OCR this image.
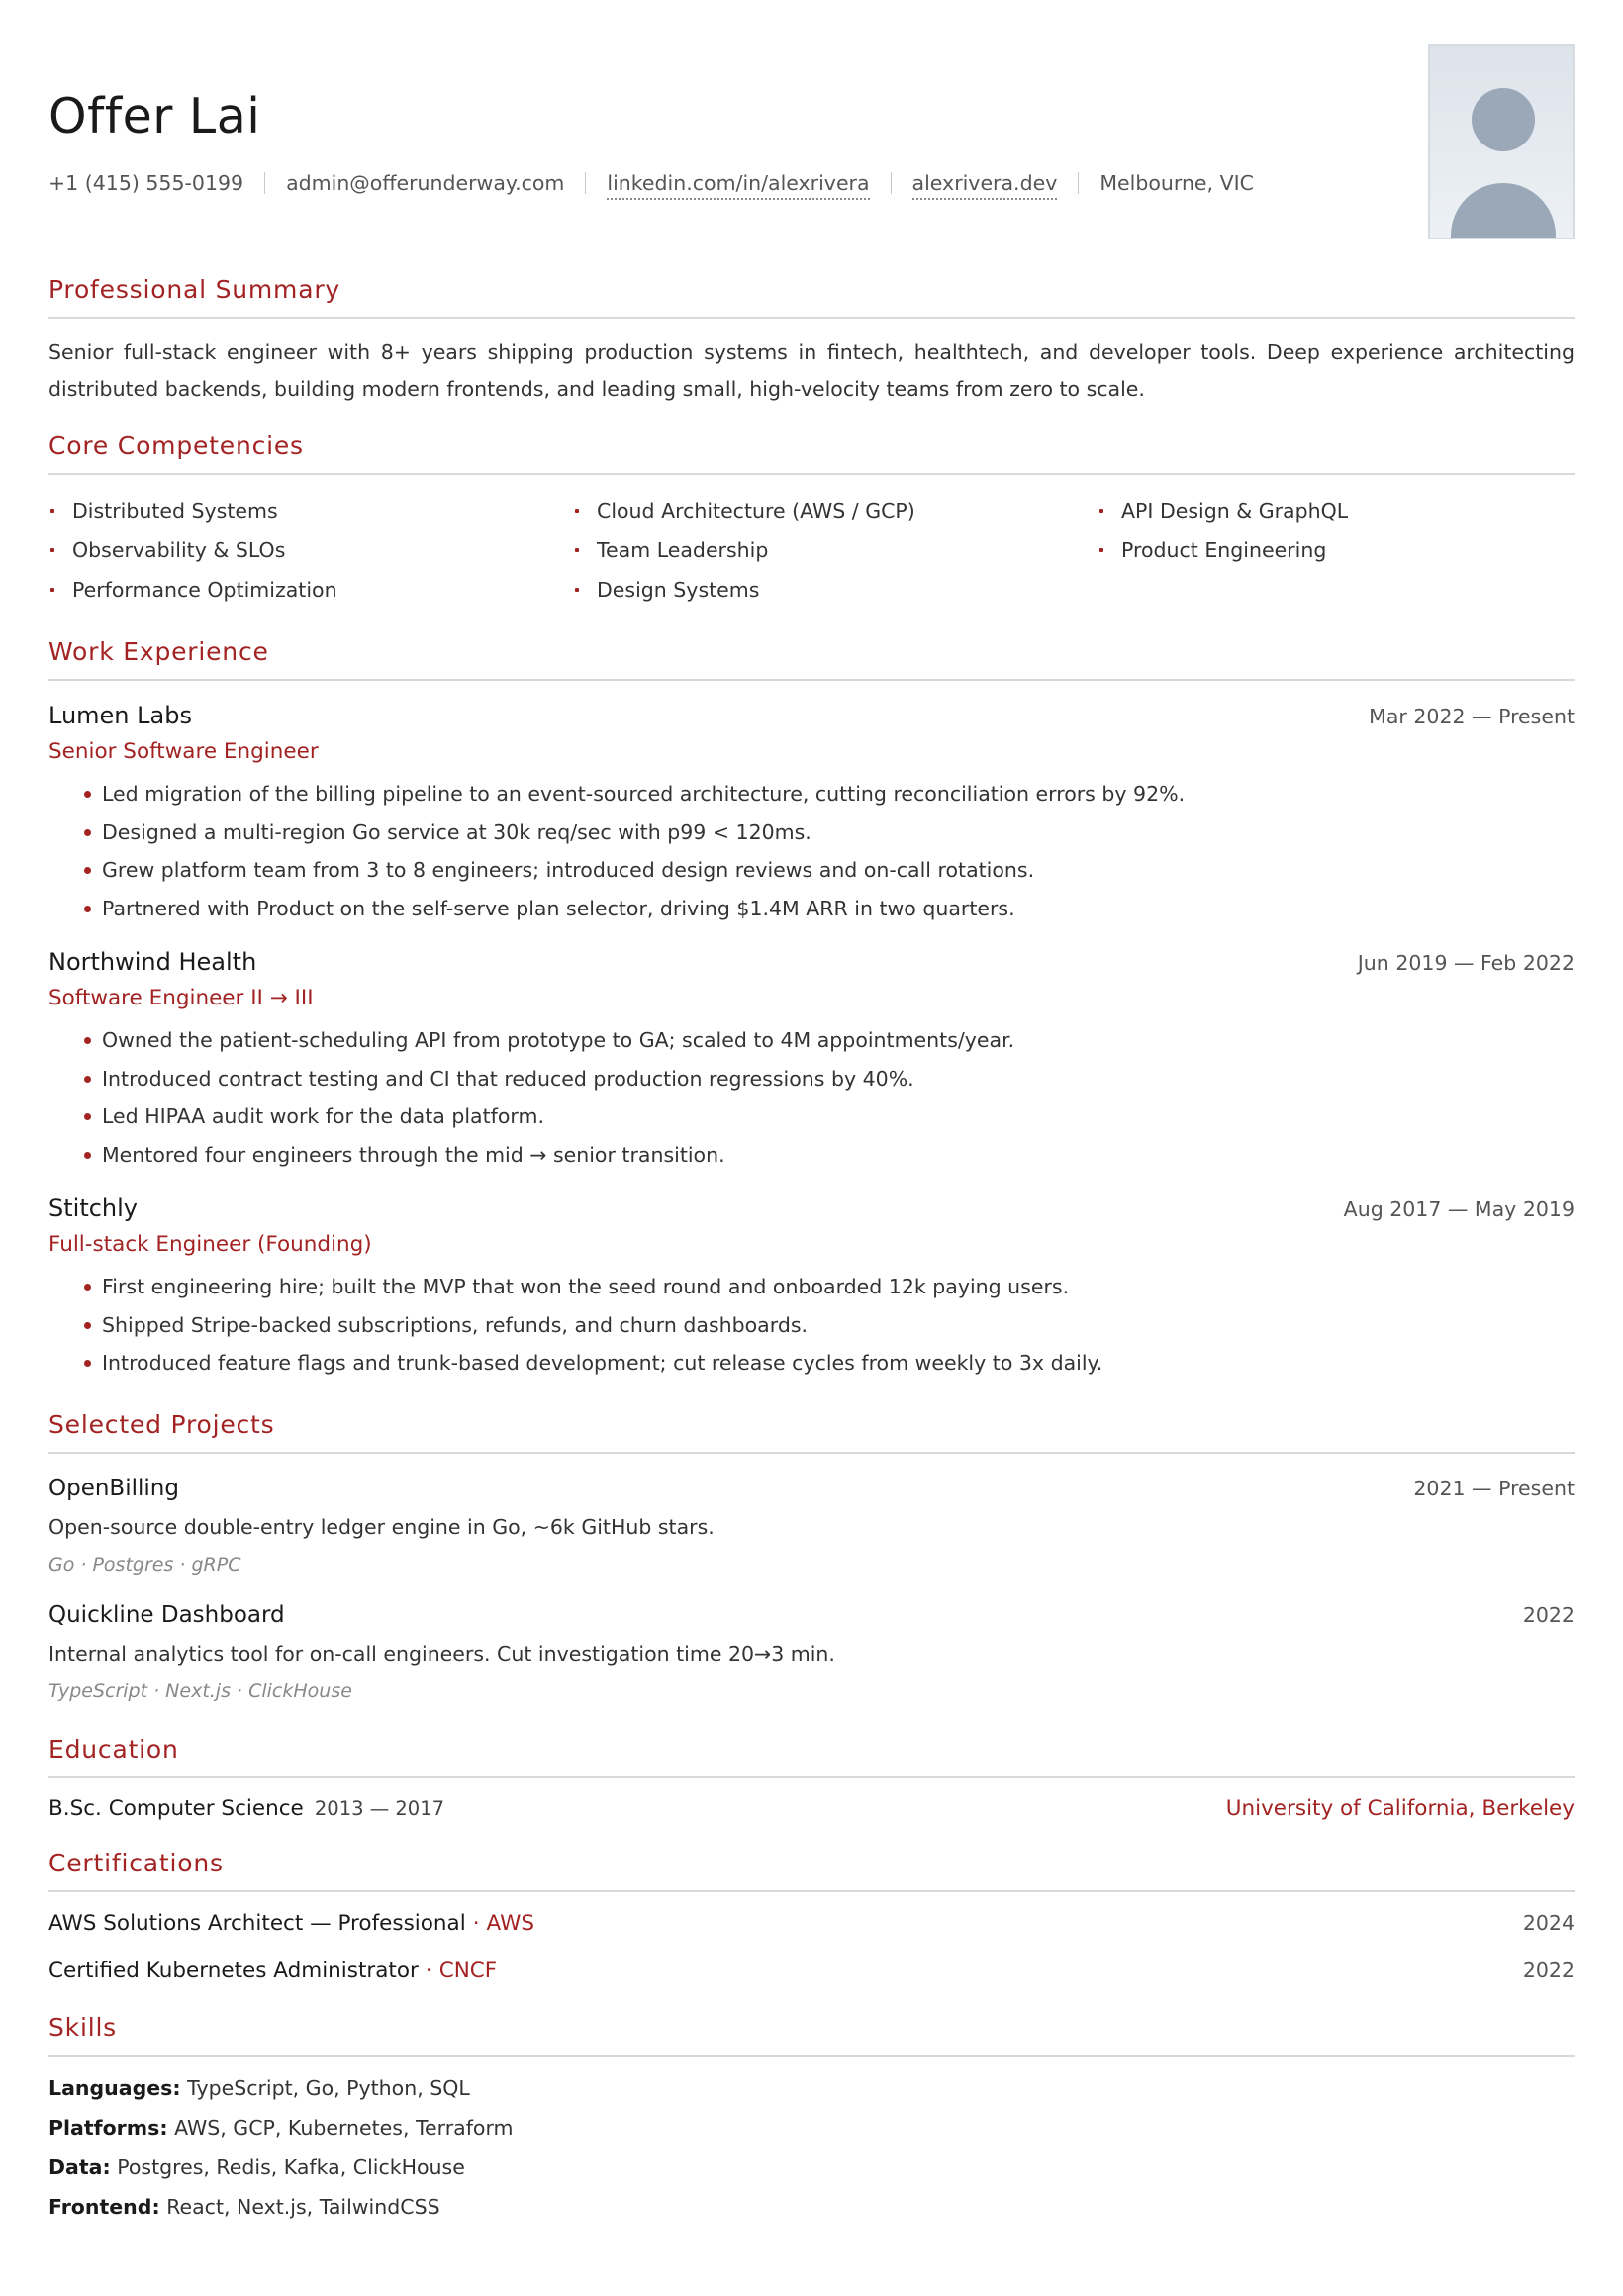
Offer Lai
+1 (415) 555-0199 admin@offerunderway.com linkedin.com/in/alexrivera alexrivera.dev Melbourne, VIC
Professional Summary

Senior full-stack engineer with 8+ years shipping production systems in fintech, healthtech, and developer tools. Deep experience architecting distributed backends, building modern frontends, and leading small, high-velocity teams from zero to scale.

Core Competencies
Distributed Systems	Cloud Architecture (AWS / GCP)	API Design & GraphQL
Observability & SLOs	Team Leadership	Product Engineering
Performance Optimization	Design Systems
Work Experience
Lumen Labs	Mar 2022 — Present
Senior Software Engineer
Led migration of the billing pipeline to an event-sourced architecture, cutting reconciliation errors by 92%.
Designed a multi-region Go service at 30k req/sec with p99 < 120ms.
Grew platform team from 3 to 8 engineers; introduced design reviews and on-call rotations.
Partnered with Product on the self-serve plan selector, driving $1.4M ARR in two quarters.
Northwind Health	Jun 2019 — Feb 2022
Software Engineer II → III
Owned the patient-scheduling API from prototype to GA; scaled to 4M appointments/year.
Introduced contract testing and CI that reduced production regressions by 40%.
Led HIPAA audit work for the data platform.
Mentored four engineers through the mid → senior transition.
Stitchly	Aug 2017 — May 2019
Full-stack Engineer (Founding)
First engineering hire; built the MVP that won the seed round and onboarded 12k paying users.
Shipped Stripe-backed subscriptions, refunds, and churn dashboards.
Introduced feature flags and trunk-based development; cut release cycles from weekly to 3x daily.
Selected Projects
OpenBilling	2021 — Present
Open-source double-entry ledger engine in Go, ~6k GitHub stars.
Go · Postgres · gRPC
Quickline Dashboard	2022
Internal analytics tool for on-call engineers. Cut investigation time 20→3 min.
TypeScript · Next.js · ClickHouse
Education
B.Sc. Computer Science 2013 — 2017	University of California, Berkeley
Certifications
AWS Solutions Architect — Professional · AWS	2024
Certified Kubernetes Administrator · CNCF	2022
Skills
Languages: TypeScript, Go, Python, SQL
Platforms: AWS, GCP, Kubernetes, Terraform
Data: Postgres, Redis, Kafka, ClickHouse
Frontend: React, Next.js, TailwindCSS
